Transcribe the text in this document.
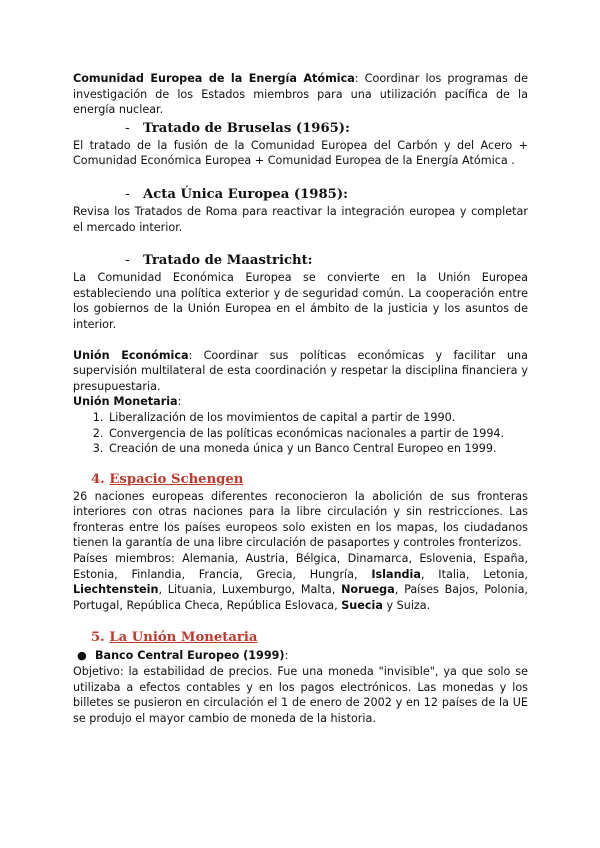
Comunidad Europea de la Energía Atómica: Coordinar los programas de investigación de los Estados miembros para una utilización pacífica de la energía nuclear.

- Tratado de Bruselas (1965):

El tratado de la fusión de la Comunidad Europea del Carbón y del Acero + Comunidad Económica Europea + Comunidad Europea de la Energía Atómica .

- Acta Única Europea (1985):

Revisa los Tratados de Roma para reactivar la integración europea y completar el mercado interior.

- Tratado de Maastricht:

La Comunidad Económica Europea se convierte en la Unión Europea estableciendo una política exterior y de seguridad común. La cooperación entre los gobiernos de la Unión Europea en el ámbito de la justicia y los asuntos de interior.

Unión Económica: Coordinar sus políticas económicas y facilitar una supervisión multilateral de esta coordinación y respetar la disciplina financiera y presupuestaria.

Unión Monetaria:

1. Liberalización de los movimientos de capital a partir de 1990.
2. Convergencia de las políticas económicas nacionales a partir de 1994.
3. Creación de una moneda única y un Banco Central Europeo en 1999.
4. Espacio Schengen

26 naciones europeas diferentes reconocieron la abolición de sus fronteras interiores con otras naciones para la libre circulación y sin restricciones. Las fronteras entre los países europeos solo existen en los mapas, los ciudadanos tienen la garantía de una libre circulación de pasaportes y controles fronterizos.

Países miembros: Alemania, Austria, Bélgica, Dinamarca, Eslovenia, España, Estonia, Finlandia, Francia, Grecia, Hungría, Islandia, Italia, Letonia, Liechtenstein, Lituania, Luxemburgo, Malta, Noruega, Países Bajos, Polonia, Portugal, República Checa, República Eslovaca, Suecia y Suiza.

5. La Unión Monetaria

● Banco Central Europeo (1999):

Objetivo: la estabilidad de precios. Fue una moneda "invisible", ya que solo se utilizaba a efectos contables y en los pagos electrónicos. Las monedas y los billetes se pusieron en circulación el 1 de enero de 2002 y en 12 países de la UE se produjo el mayor cambio de moneda de la historia.
